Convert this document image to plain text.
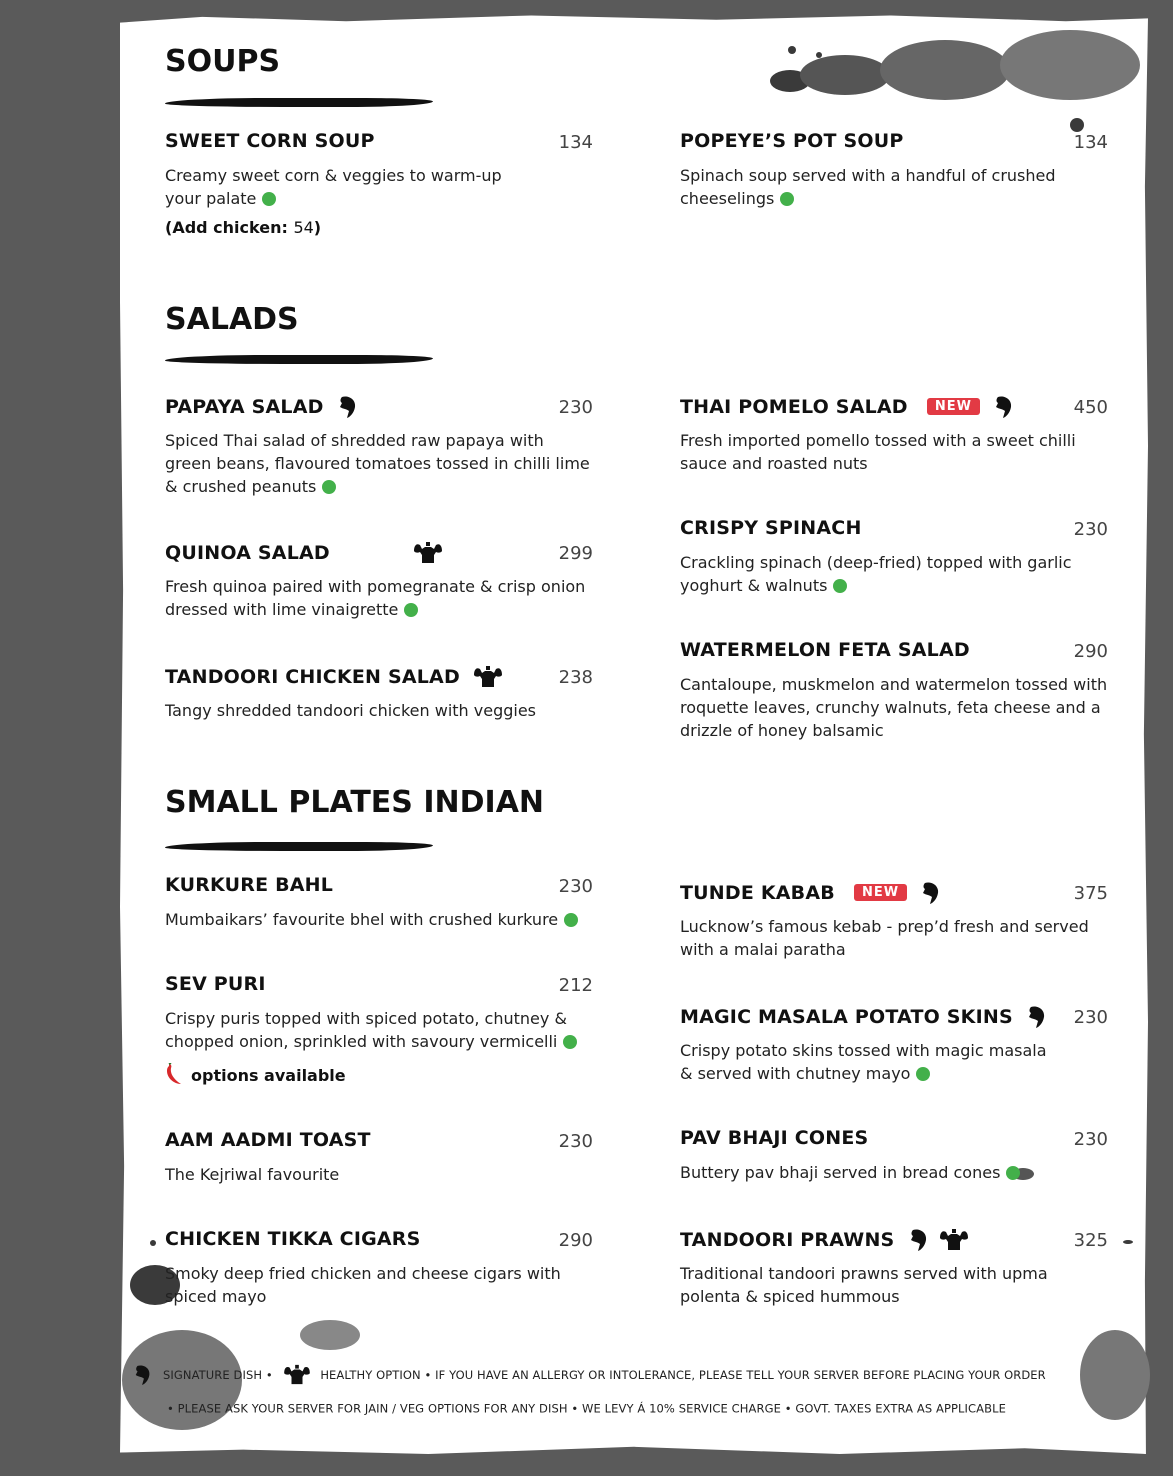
SOUPS
SWEET CORN SOUP	134
Creamy sweet corn & veggies to warm-up your palate
(Add chicken: 54)
POPEYE’S POT SOUP	134
Spinach soup served with a handful of crushed cheeselings
SALADS
PAPAYA SALAD	230
Spiced Thai salad of shredded raw papaya with green beans, flavoured tomatoes tossed in chilli lime & crushed peanuts
QUINOA SALAD	299
Fresh quinoa paired with pomegranate & crisp onion dressed with lime vinaigrette
TANDOORI CHICKEN SALAD	238
Tangy shredded tandoori chicken with veggies
THAI POMELO SALAD NEW	450
Fresh imported pomello tossed with a sweet chilli sauce and roasted nuts
CRISPY SPINACH	230
Crackling spinach (deep-fried) topped with garlic yoghurt & walnuts
WATERMELON FETA SALAD	290
Cantaloupe, muskmelon and watermelon tossed with roquette leaves, crunchy walnuts, feta cheese and a drizzle of honey balsamic
SMALL PLATES INDIAN
KURKURE BAHL	230
Mumbaikars’ favourite bhel with crushed kurkure
SEV PURI	212
Crispy puris topped with spiced potato, chutney & chopped onion, sprinkled with savoury vermicelli
options available
AAM AADMI TOAST	230
The Kejriwal favourite
CHICKEN TIKKA CIGARS	290
Smoky deep fried chicken and cheese cigars with spiced mayo
TUNDE KABAB NEW	375
Lucknow’s famous kebab - prep’d fresh and served with a malai paratha
MAGIC MASALA POTATO SKINS	230
Crispy potato skins tossed with magic masala & served with chutney mayo
PAV BHAJI CONES	230
Buttery pav bhaji served in bread cones
TANDOORI PRAWNS	325
Traditional tandoori prawns served with upma polenta & spiced hummous
SIGNATURE DISH •	HEALTHY OPTION • IF YOU HAVE AN ALLERGY OR INTOLERANCE, PLEASE TELL YOUR SERVER BEFORE PLACING YOUR ORDER
• PLEASE ASK YOUR SERVER FOR JAIN / VEG OPTIONS FOR ANY DISH • WE LEVY Á 10% SERVICE CHARGE • GOVT. TAXES EXTRA AS APPLICABLE
